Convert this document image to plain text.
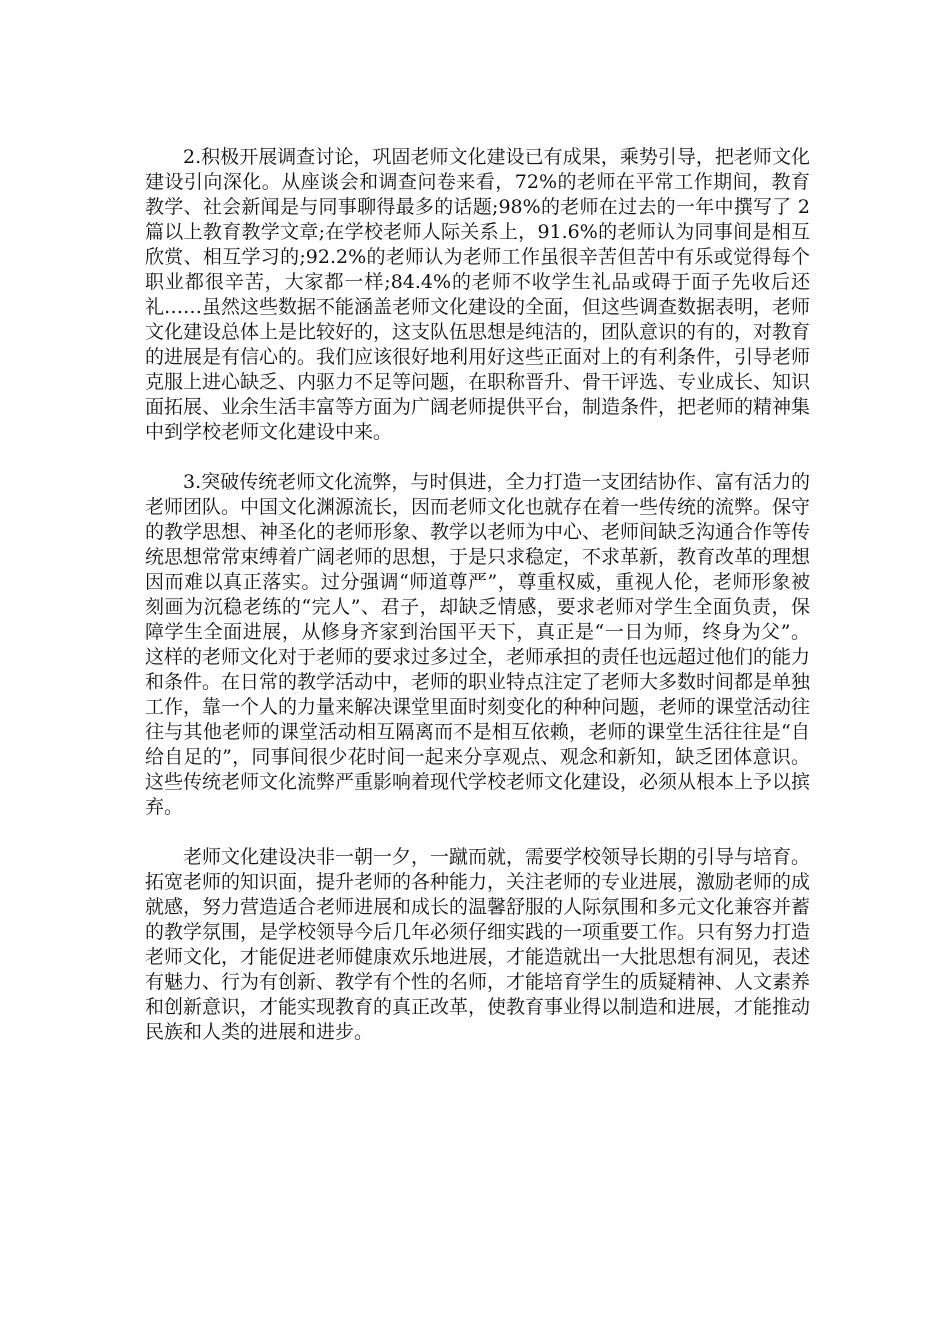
2.积极开展调查讨论，巩固老师文化建设已有成果，乘势引导，把老师文化建设引向深化。从座谈会和调查问卷来看，72%的老师在平常工作期间，教育教学、社会新闻是与同事聊得最多的话题;98%的老师在过去的一年中撰写了 2 篇以上教育教学文章;在学校老师人际关系上，91.6%的老师认为同事间是相互欣赏、相互学习的;92.2%的老师认为老师工作虽很辛苦但苦中有乐或觉得每个职业都很辛苦，大家都一样;84.4%的老师不收学生礼品或碍于面子先收后还礼……虽然这些数据不能涵盖老师文化建设的全面，但这些调查数据表明，老师文化建设总体上是比较好的，这支队伍思想是纯洁的，团队意识的有的，对教育的进展是有信心的。我们应该很好地利用好这些正面对上的有利条件，引导老师克服上进心缺乏、内驱力不足等问题，在职称晋升、骨干评选、专业成长、知识面拓展、业余生活丰富等方面为广阔老师提供平台，制造条件，把老师的精神集中到学校老师文化建设中来。

3.突破传统老师文化流弊，与时俱进，全力打造一支团结协作、富有活力的老师团队。中国文化渊源流长，因而老师文化也就存在着一些传统的流弊。保守的教学思想、神圣化的老师形象、教学以老师为中心、老师间缺乏沟通合作等传统思想常常束缚着广阔老师的思想，于是只求稳定，不求革新，教育改革的理想因而难以真正落实。过分强调“师道尊严”，尊重权威，重视人伦，老师形象被刻画为沉稳老练的“完人”、君子，却缺乏情感，要求老师对学生全面负责，保障学生全面进展，从修身齐家到治国平天下，真正是“一日为师，终身为父”。这样的老师文化对于老师的要求过多过全，老师承担的责任也远超过他们的能力和条件。在日常的教学活动中，老师的职业特点注定了老师大多数时间都是单独工作，靠一个人的力量来解决课堂里面时刻变化的种种问题，老师的课堂活动往往与其他老师的课堂活动相互隔离而不是相互依赖，老师的课堂生活往往是“自给自足的”，同事间很少花时间一起来分享观点、观念和新知，缺乏团体意识。这些传统老师文化流弊严重影响着现代学校老师文化建设，必须从根本上予以摈弃。

老师文化建设决非一朝一夕，一蹴而就，需要学校领导长期的引导与培育。拓宽老师的知识面，提升老师的各种能力，关注老师的专业进展，激励老师的成就感，努力营造适合老师进展和成长的温馨舒服的人际氛围和多元文化兼容并蓄的教学氛围，是学校领导今后几年必须仔细实践的一项重要工作。只有努力打造老师文化，才能促进老师健康欢乐地进展，才能造就出一大批思想有洞见，表述有魅力、行为有创新、教学有个性的名师，才能培育学生的质疑精神、人文素养和创新意识，才能实现教育的真正改革，使教育事业得以制造和进展，才能推动民族和人类的进展和进步。
